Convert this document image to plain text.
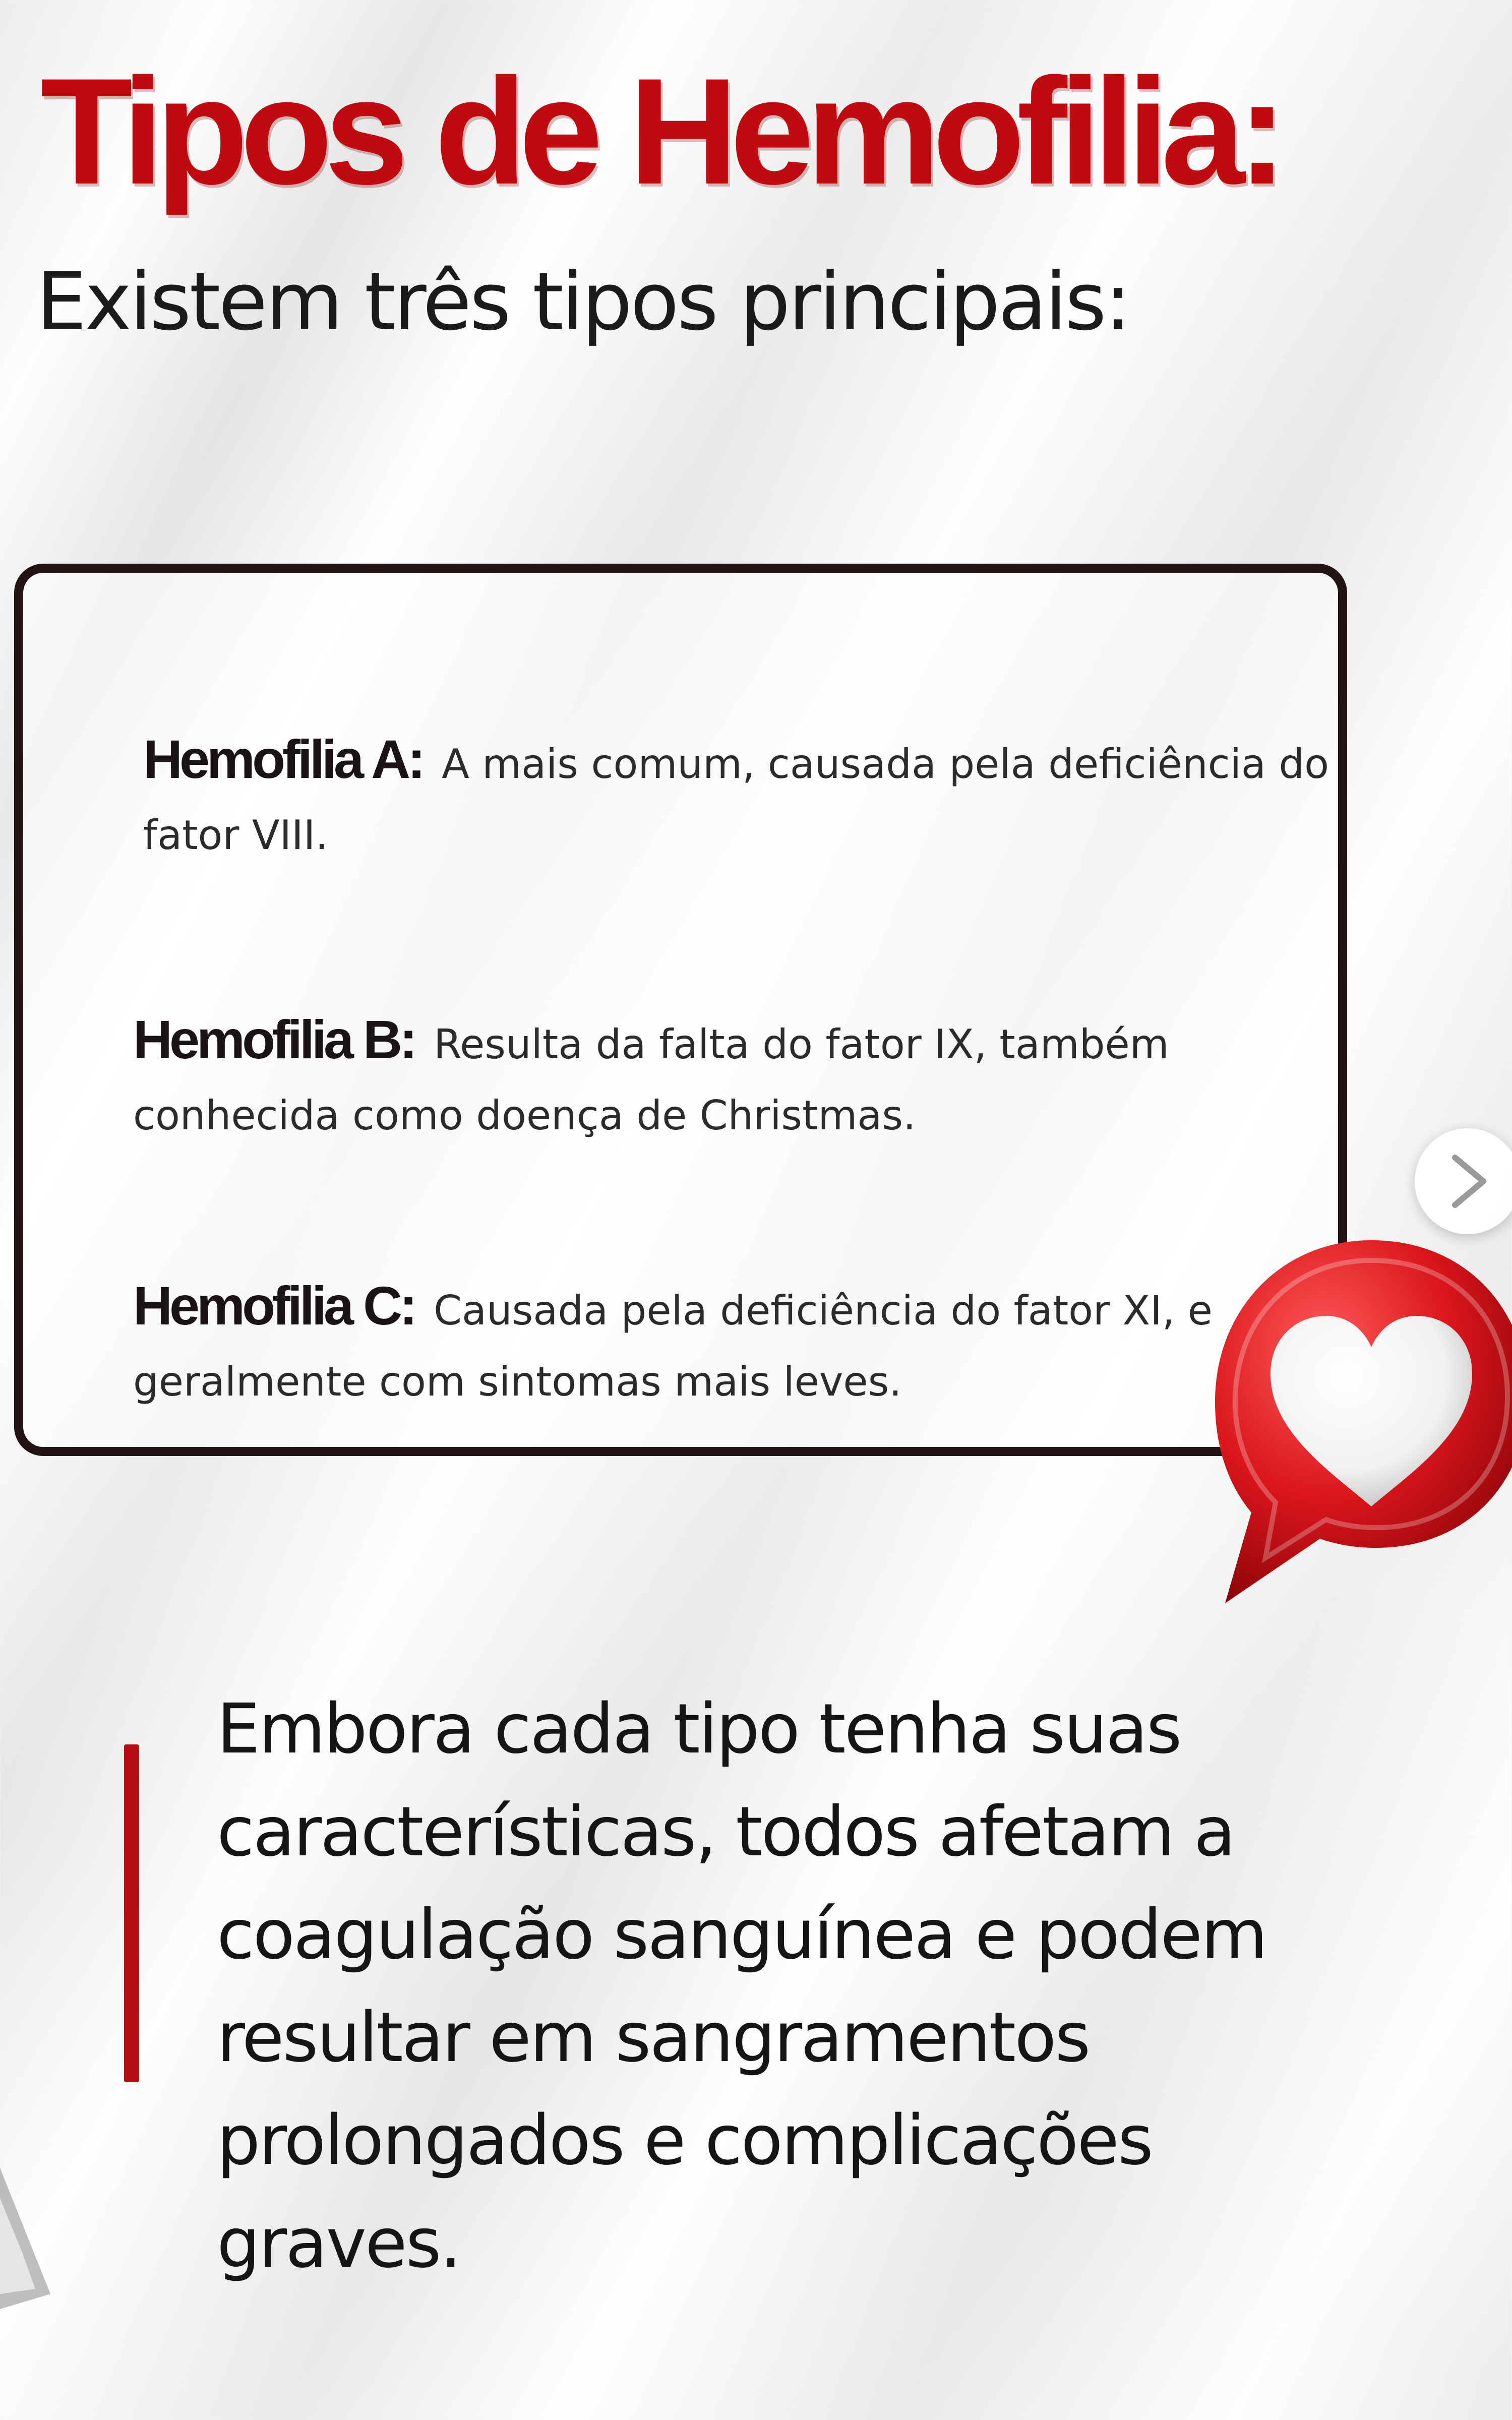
Tipos de Hemofilia:
Existem três tipos principais:

Hemofilia A: A mais comum, causada pela deficiência do fator VIII.

Hemofilia B: Resulta da falta do fator IX, também conhecida como doença de Christmas.

Hemofilia C: Causada pela deficiência do fator XI, e geralmente com sintomas mais leves.

Embora cada tipo tenha suas características, todos afetam a coagulação sanguínea e podem resultar em sangramentos prolongados e complicações graves.
